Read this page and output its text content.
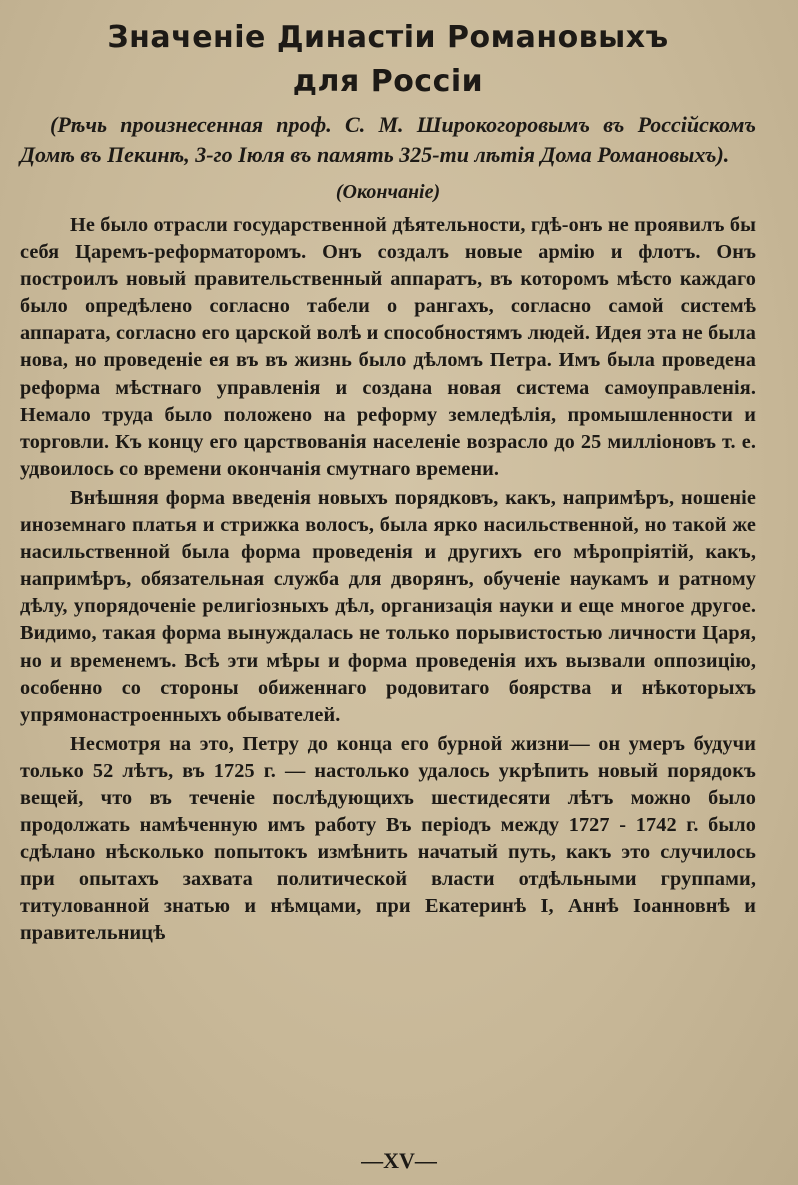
Значеніе Династіи Романовыхъ
для Россіи

(Рѣчь произнесенная проф. С. М. Широкогоровымъ въ Россійскомъ Домѣ въ Пекинѣ, 3-го Іюля въ память 325-ти лѣтія Дома Романовыхъ).

(Окончаніе)

Не было отрасли государственной дѣятельности, гдѣ-онъ не проявилъ бы себя Царемъ-реформаторомъ. Онъ создалъ новые армію и флотъ. Онъ построилъ новый правительственный аппаратъ, въ которомъ мѣсто каждаго было опредѣлено согласно табели о рангахъ, согласно самой системѣ аппарата, согласно его царской волѣ и способностямъ людей. Идея эта не была нова, но проведеніе ея въ въ жизнь было дѣломъ Петра. Имъ была проведена реформа мѣстнаго управленія и создана новая система самоуправленія. Немало труда было положено на реформу земледѣлія, промышленности и торговли. Къ концу его царствованія населеніе возрасло до 25 милліоновъ т. е. удвоилось со времени окончанія смутнаго времени.

Внѣшняя форма введенія новыхъ порядковъ, какъ, напримѣръ, ношеніе иноземнаго платья и стрижка волосъ, была ярко насильственной, но такой же насильственной была форма проведенія и другихъ его мѣропріятій, какъ, напримѣръ, обязательная служба для дворянъ, обученіе наукамъ и ратному дѣлу, упорядоченіе религіозныхъ дѣл, организація науки и еще многое другое. Видимо, такая форма вынуждалась не только порывистостью личности Царя, но и временемъ. Всѣ эти мѣры и форма проведенія ихъ вызвали оппозицію, особенно со стороны обиженнаго родовитаго боярства и нѣкоторыхъ упрямонастроенныхъ обывателей.

Несмотря на это, Петру до конца его бурной жизни— он умеръ будучи только 52 лѣтъ, въ 1725 г. — настолько удалось укрѣпить новый порядокъ вещей, что въ теченіе послѣдующихъ шестидесяти лѣтъ можно было продолжать намѣченную имъ работу Въ періодъ между 1727 - 1742 г. было сдѣлано нѣсколько попытокъ измѣнить начатый путь, какъ это случилось при опытахъ захвата политической власти отдѣльными группами, титулованной знатью и нѣмцами, при Екатеринѣ I, Аннѣ Іоанновнѣ и правительницѣ

—XV—
